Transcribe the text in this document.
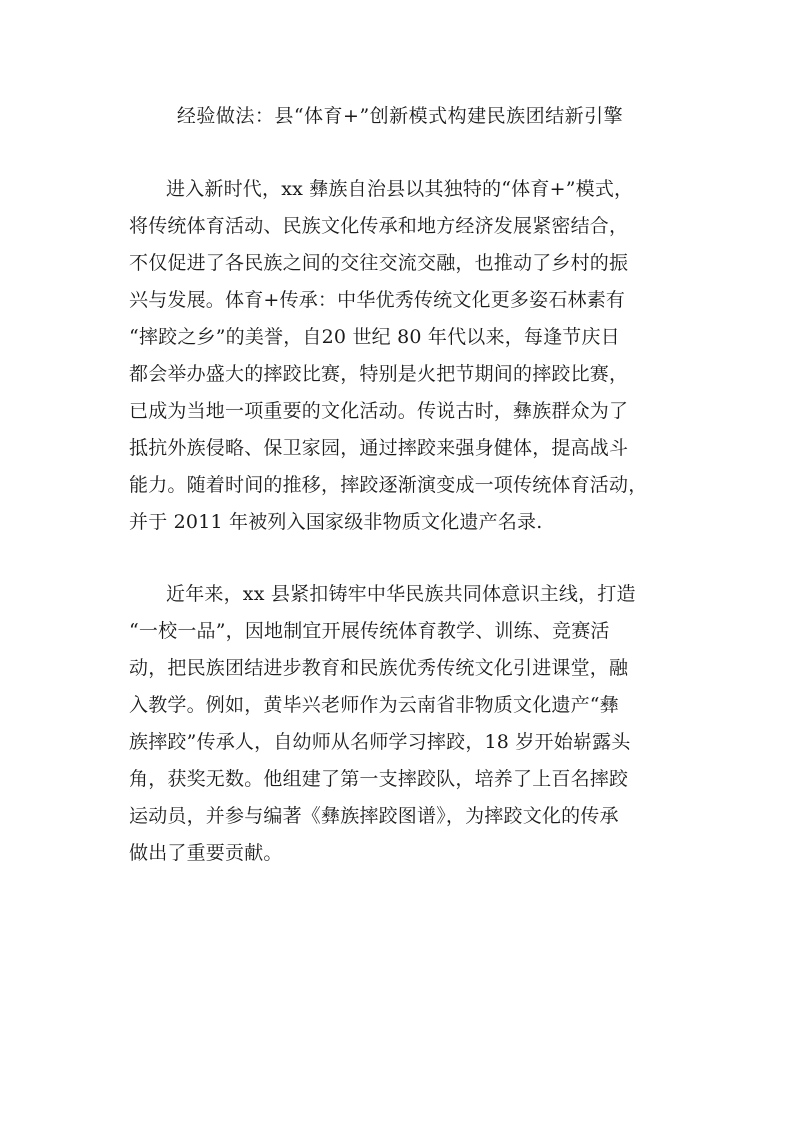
经验做法：县“体育+”创新模式构建民族团结新引擎
进入新时代，xx 彝族自治县以其独特的“体育+”模式，
将传统体育活动、民族文化传承和地方经济发展紧密结合，
不仅促进了各民族之间的交往交流交融，也推动了乡村的振
兴与发展。体育+传承：中华优秀传统文化更多姿石林素有
“摔跤之乡”的美誉，自20 世纪 80 年代以来，每逢节庆日
都会举办盛大的摔跤比赛，特别是火把节期间的摔跤比赛，
已成为当地一项重要的文化活动。传说古时，彝族群众为了
抵抗外族侵略、保卫家园，通过摔跤来强身健体，提高战斗
能力。随着时间的推移，摔跤逐渐演变成一项传统体育活动，
并于 2011 年被列入国家级非物质文化遗产名录.
近年来，xx 县紧扣铸牢中华民族共同体意识主线，打造
“一校一品”，因地制宜开展传统体育教学、训练、竞赛活
动，把民族团结进步教育和民族优秀传统文化引进课堂，融
入教学。例如，黄毕兴老师作为云南省非物质文化遗产“彝
族摔跤”传承人，自幼师从名师学习摔跤，18 岁开始崭露头
角，获奖无数。他组建了第一支摔跤队，培养了上百名摔跤
运动员，并参与编著《彝族摔跤图谱》，为摔跤文化的传承
做出了重要贡献。
